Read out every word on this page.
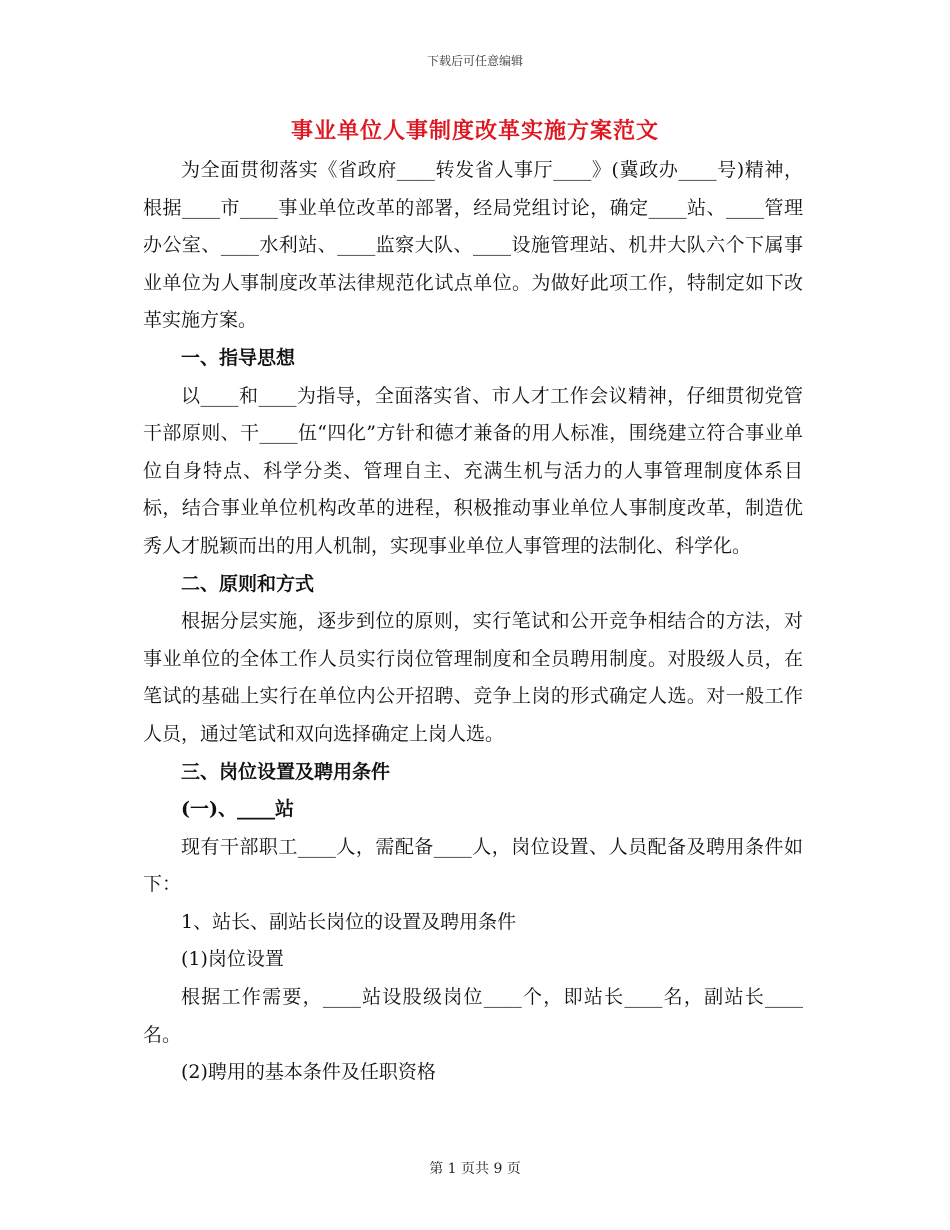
下载后可任意编辑
事业单位人事制度改革实施方案范文

为全面贯彻落实《省政府____转发省人事厅____》(冀政办____号)精神，根据____市____事业单位改革的部署，经局党组讨论，确定____站、____管理办公室、____水利站、____监察大队、____设施管理站、机井大队六个下属事业单位为人事制度改革法律规范化试点单位。为做好此项工作，特制定如下改革实施方案。

一、指导思想

以____和____为指导，全面落实省、市人才工作会议精神，仔细贯彻党管干部原则、干____伍“四化”方针和德才兼备的用人标准，围绕建立符合事业单位自身特点、科学分类、管理自主、充满生机与活力的人事管理制度体系目标，结合事业单位机构改革的进程，积极推动事业单位人事制度改革，制造优秀人才脱颖而出的用人机制，实现事业单位人事管理的法制化、科学化。

二、原则和方式

根据分层实施，逐步到位的原则，实行笔试和公开竞争相结合的方法，对事业单位的全体工作人员实行岗位管理制度和全员聘用制度。对股级人员，在笔试的基础上实行在单位内公开招聘、竞争上岗的形式确定人选。对一般工作人员，通过笔试和双向选择确定上岗人选。

三、岗位设置及聘用条件

(一)、____站

现有干部职工____人，需配备____人，岗位设置、人员配备及聘用条件如下：

1、站长、副站长岗位的设置及聘用条件

(1)岗位设置

根据工作需要，____站设股级岗位____个，即站长____名，副站长____名。

(2)聘用的基本条件及任职资格

第 1 页共 9 页
